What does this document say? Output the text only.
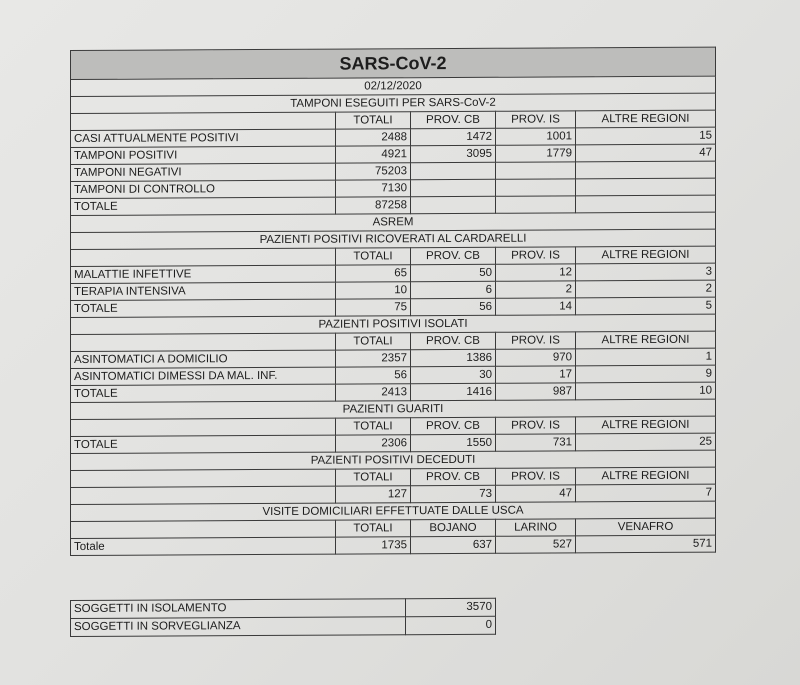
SARS-CoV-2				
02/12/2020				
TAMPONI ESEGUITI PER SARS-CoV-2				
	TOTALI	PROV. CB	PROV. IS	ALTRE REGIONI
CASI ATTUALMENTE POSITIVI	2488	1472	1001	15
TAMPONI POSITIVI	4921	3095	1779	47
TAMPONI NEGATIVI	75203			
TAMPONI DI CONTROLLO	7130			
TOTALE	87258			
ASREM				
PAZIENTI POSITIVI RICOVERATI AL CARDARELLI				
	TOTALI	PROV. CB	PROV. IS	ALTRE REGIONI
MALATTIE INFETTIVE	65	50	12	3
TERAPIA INTENSIVA	10	6	2	2
TOTALE	75	56	14	5
PAZIENTI POSITIVI ISOLATI				
	TOTALI	PROV. CB	PROV. IS	ALTRE REGIONI
ASINTOMATICI A DOMICILIO	2357	1386	970	1
ASINTOMATICI DIMESSI DA MAL. INF.	56	30	17	9
TOTALE	2413	1416	987	10
PAZIENTI GUARITI				
	TOTALI	PROV. CB	PROV. IS	ALTRE REGIONI
TOTALE	2306	1550	731	25
PAZIENTI POSITIVI DECEDUTI				
	TOTALI	PROV. CB	PROV. IS	ALTRE REGIONI
	127	73	47	7
VISITE DOMICILIARI EFFETTUATE DALLE USCA				
	TOTALI	BOJANO	LARINO	VENAFRO
Totale	1735	637	527	571
SOGGETTI IN ISOLAMENTO	3570
SOGGETTI IN SORVEGLIANZA	0
